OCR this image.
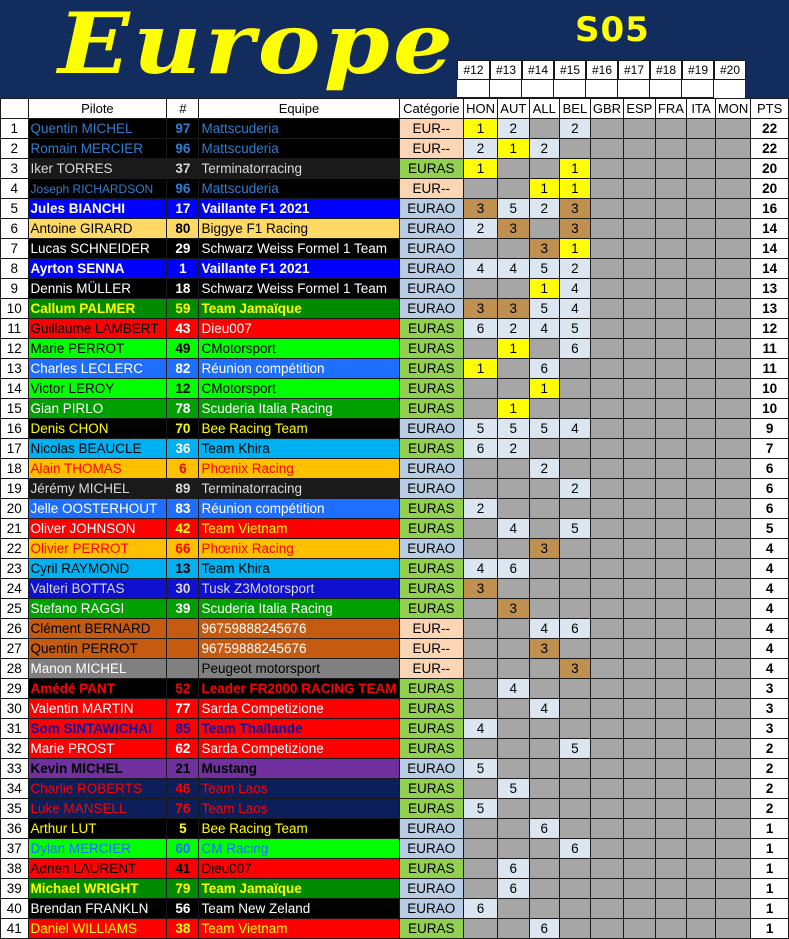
Europe	S05
#12	#13 #14 #15 #16 #17 #18 #19 #20
	Pilote	#	Equipe	Catégorie	HON	AUT	ALL	BEL	GBR	ESP	FRA	ITA	MON	PTS
1	Quentin MICHEL	97	Mattscuderia	EUR--	1	2		2						22
2	Romain MERCIER	96	Mattscuderia	EUR--	2	1	2							22
3	Iker TORRES	37	Terminatorracing	EURAS	1			1						20
4	Joseph RICHARDSON	96	Mattscuderia	EUR--			1	1						20
5	Jules BIANCHI	17	Vaillante F1 2021	EURAO	3	5	2	3						16
6	Antoine GIRARD	80	Biggye F1 Racing	EURAO	2	3		3						14
7	Lucas SCHNEIDER	29	Schwarz Weiss Formel 1 Team	EURAO			3	1						14
8	Ayrton SENNA	1	Vaillante F1 2021	EURAO	4	4	5	2						14
9	Dennis MÜLLER	18	Schwarz Weiss Formel 1 Team	EURAO			1	4						13
10	Callum PALMER	59	Team Jamaïque	EURAO	3	3	5	4						13
11	Guillaume LAMBERT	43	Dieu007	EURAS	6	2	4	5						12
12	Marie PERROT	49	CMotorsport	EURAS		1		6						11
13	Charles LECLERC	82	Réunion compétition	EURAS	1		6							11
14	Victor LEROY	12	CMotorsport	EURAS			1							10
15	Gian PIRLO	78	Scuderia Italia Racing	EURAS		1								10
16	Denis CHON	70	Bee Racing Team	EURAO	5	5	5	4						9
17	Nicolas BEAUCLE	36	Team Khira	EURAS	6	2								7
18	Alain THOMAS	6	Phœnix Racing	EURAO			2							6
19	Jérémy MICHEL	89	Terminatorracing	EURAO				2						6
20	Jelle OOSTERHOUT	83	Réunion compétition	EURAS	2									6
21	Oliver JOHNSON	42	Team Vietnam	EURAS		4		5						5
22	Olivier PERROT	66	Phœnix Racing	EURAO			3							4
23	Cyril RAYMOND	13	Team Khira	EURAS	4	6								4
24	Valteri BOTTAS	30	Tusk Z3Motorsport	EURAS	3									4
25	Stefano RAGGI	39	Scuderia Italia Racing	EURAS		3								4
26	Clément BERNARD		96759888245676	EUR--			4	6						4
27	Quentin PERROT		96759888245676	EUR--			3							4
28	Manon MICHEL		Peugeot motorsport	EUR--				3						4
29	Amédé PANT	52	Leader FR2000 RACING TEAM	EURAS		4								3
30	Valentin MARTIN	77	Sarda Competizione	EURAS			4							3
31	Som SINTAWICHAI	85	Team Thaïlande	EURAS	4									3
32	Marie PROST	62	Sarda Competizione	EURAS				5						2
33	Kevin MICHEL	21	Mustang	EURAO	5									2
34	Charlie ROBERTS	46	Team Laos	EURAS		5								2
35	Luke MANSELL	76	Team Laos	EURAS	5									2
36	Arthur LUT	5	Bee Racing Team	EURAO			6							1
37	Dylan MERCIER	60	CM Racing	EURAO				6						1
38	Adrien LAURENT	41	Dieu007	EURAS		6								1
39	Michael WRIGHT	79	Team Jamaïque	EURAO		6								1
40	Brendan FRANKLN	56	Team New Zeland	EURAO	6									1
41	Daniel WILLIAMS	38	Team Vietnam	EURAS			6							1
